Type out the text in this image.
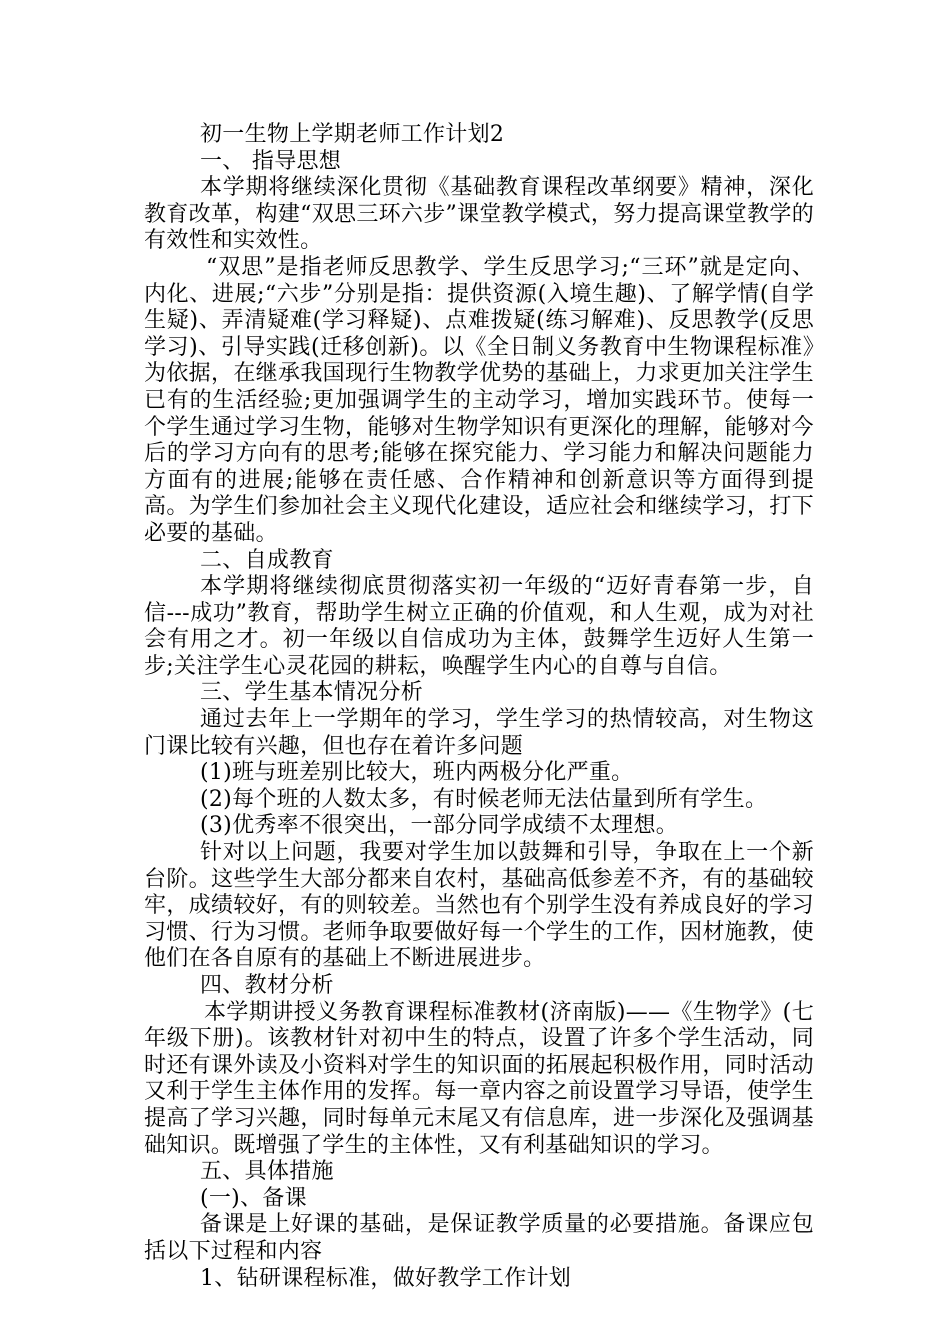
初一生物上学期老师工作计划2

一、 指导思想

本学期将继续深化贯彻《基础教育课程改革纲要》精神，深化教育改革，构建“双思三环六步”课堂教学模式，努力提高课堂教学的有效性和实效性。

“双思”是指老师反思教学、学生反思学习;“三环”就是定向、内化、进展;“六步”分别是指：提供资源(入境生趣)、了解学情(自学生疑)、弄清疑难(学习释疑)、点难拨疑(练习解难)、反思教学(反思学习)、引导实践(迁移创新)。以《全日制义务教育中生物课程标准》为依据，在继承我国现行生物教学优势的基础上，力求更加关注学生已有的生活经验;更加强调学生的主动学习，增加实践环节。使每一个学生通过学习生物，能够对生物学知识有更深化的理解，能够对今后的学习方向有的思考;能够在探究能力、学习能力和解决问题能力方面有的进展;能够在责任感、合作精神和创新意识等方面得到提高。为学生们参加社会主义现代化建设，适应社会和继续学习，打下必要的基础。

二、自成教育

本学期将继续彻底贯彻落实初一年级的“迈好青春第一步，自信---成功”教育，帮助学生树立正确的价值观，和人生观，成为对社会有用之才。初一年级以自信成功为主体，鼓舞学生迈好人生第一步;关注学生心灵花园的耕耘，唤醒学生内心的自尊与自信。

三、学生基本情况分析

通过去年上一学期年的学习，学生学习的热情较高，对生物这门课比较有兴趣，但也存在着许多问题

(1)班与班差别比较大，班内两极分化严重。

(2)每个班的人数太多，有时候老师无法估量到所有学生。

(3)优秀率不很突出，一部分同学成绩不太理想。

针对以上问题，我要对学生加以鼓舞和引导，争取在上一个新台阶。这些学生大部分都来自农村，基础高低参差不齐，有的基础较牢，成绩较好，有的则较差。当然也有个别学生没有养成良好的学习习惯、行为习惯。老师争取要做好每一个学生的工作，因材施教，使他们在各自原有的基础上不断进展进步。

四、教材分析

本学期讲授义务教育课程标准教材(济南版)——《生物学》(七年级下册)。该教材针对初中生的特点，设置了许多个学生活动，同时还有课外读及小资料对学生的知识面的拓展起积极作用，同时活动又利于学生主体作用的发挥。每一章内容之前设置学习导语，使学生提高了学习兴趣，同时每单元末尾又有信息库，进一步深化及强调基础知识。既增强了学生的主体性，又有利基础知识的学习。

五、具体措施

(一)、备课

备课是上好课的基础，是保证教学质量的必要措施。备课应包括以下过程和内容

1、钻研课程标准，做好教学工作计划
